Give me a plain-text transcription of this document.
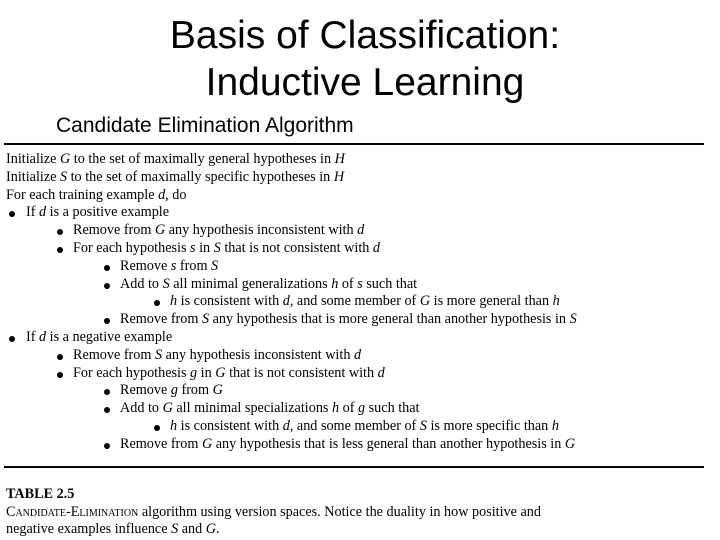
Basis of Classification:
Inductive Learning
Candidate Elimination Algorithm
Initialize G to the set of maximally general hypotheses in H
Initialize S to the set of maximally specific hypotheses in H
For each training example d, do
If d is a positive example
Remove from G any hypothesis inconsistent with d
For each hypothesis s in S that is not consistent with d
Remove s from S
Add to S all minimal generalizations h of s such that
h is consistent with d, and some member of G is more general than h
Remove from S any hypothesis that is more general than another hypothesis in S
If d is a negative example
Remove from S any hypothesis inconsistent with d
For each hypothesis g in G that is not consistent with d
Remove g from G
Add to G all minimal specializations h of g such that
h is consistent with d, and some member of S is more specific than h
Remove from G any hypothesis that is less general than another hypothesis in G
TABLE 2.5
Candidate-Elimination algorithm using version spaces. Notice the duality in how positive and
negative examples influence S and G.
